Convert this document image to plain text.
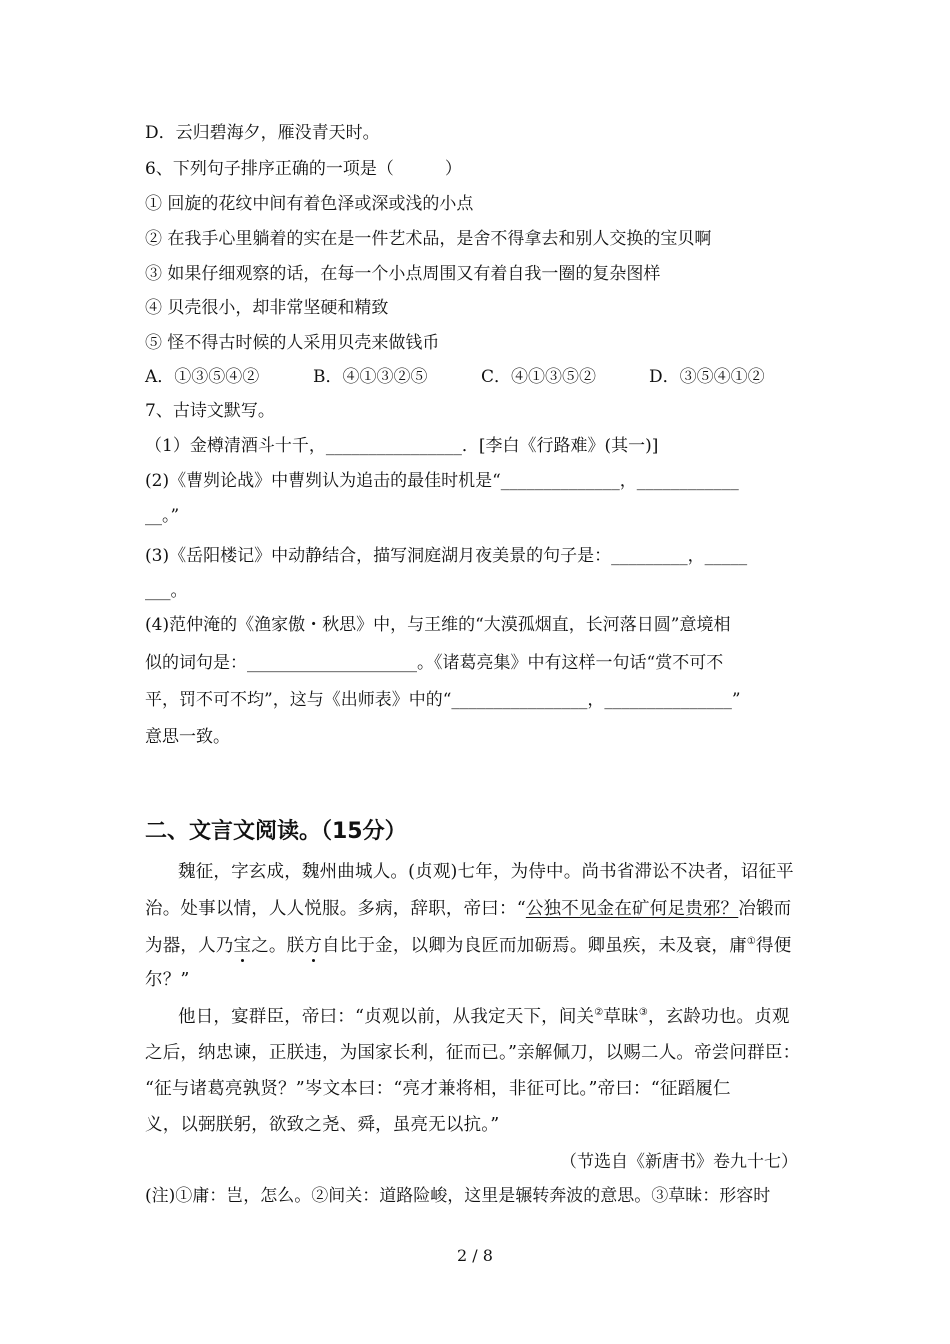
D．云归碧海夕，雁没青天时。
6、下列句子排序正确的一项是（　　　）
① 回旋的花纹中间有着色泽或深或浅的小点
② 在我手心里躺着的实在是一件艺术品，是舍不得拿去和别人交换的宝贝啊
③ 如果仔细观察的话，在每一个小点周围又有着自我一圈的复杂图样
④ 贝壳很小，却非常坚硬和精致
⑤ 怪不得古时候的人采用贝壳来做钱币
A．①③⑤④②	B．④①③②⑤	C．④①③⑤②	D．③⑤④①②
7、古诗文默写。
（1）金樽清酒斗十千，________________．[李白《行路难》(其一)]
(2)《曹刿论战》中曹刿认为追击的最佳时机是“______________，____________
__。”
(3)《岳阳楼记》中动静结合，描写洞庭湖月夜美景的句子是：_________，_____
___。
(4)范仲淹的《渔家傲・秋思》中，与王维的“大漠孤烟直，长河落日圆”意境相
似的词句是：____________________。《诸葛亮集》中有这样一句话“赏不可不
平，罚不可不均”，这与《出师表》中的“________________，_______________”
意思一致。
二、文言文阅读。（15分）
魏征，字玄成，魏州曲城人。(贞观)七年，为侍中。尚书省滞讼不决者，诏征平
治。处事以情，人人悦服。多病，辞职，帝曰：“公独不见金在矿何足贵邪？冶锻而
为器，人乃宝之。朕方自比于金，以卿为良匠而加砺焉。卿虽疾，未及衰，庸①得便
尔？”
他日，宴群臣，帝曰：“贞观以前，从我定天下，间关②草昧③，玄龄功也。贞观
之后，纳忠谏，正朕违，为国家长利，征而已。”亲解佩刀，以赐二人。帝尝问群臣：
“征与诸葛亮孰贤？”岑文本曰：“亮才兼将相，非征可比。”帝曰：“征蹈履仁
义，以弼朕躬，欲致之尧、舜，虽亮无以抗。”
（节选自《新唐书》卷九十七）
(注)①庸：岂，怎么。②间关：道路险峻，这里是辗转奔波的意思。③草昧：形容时
2 / 8
